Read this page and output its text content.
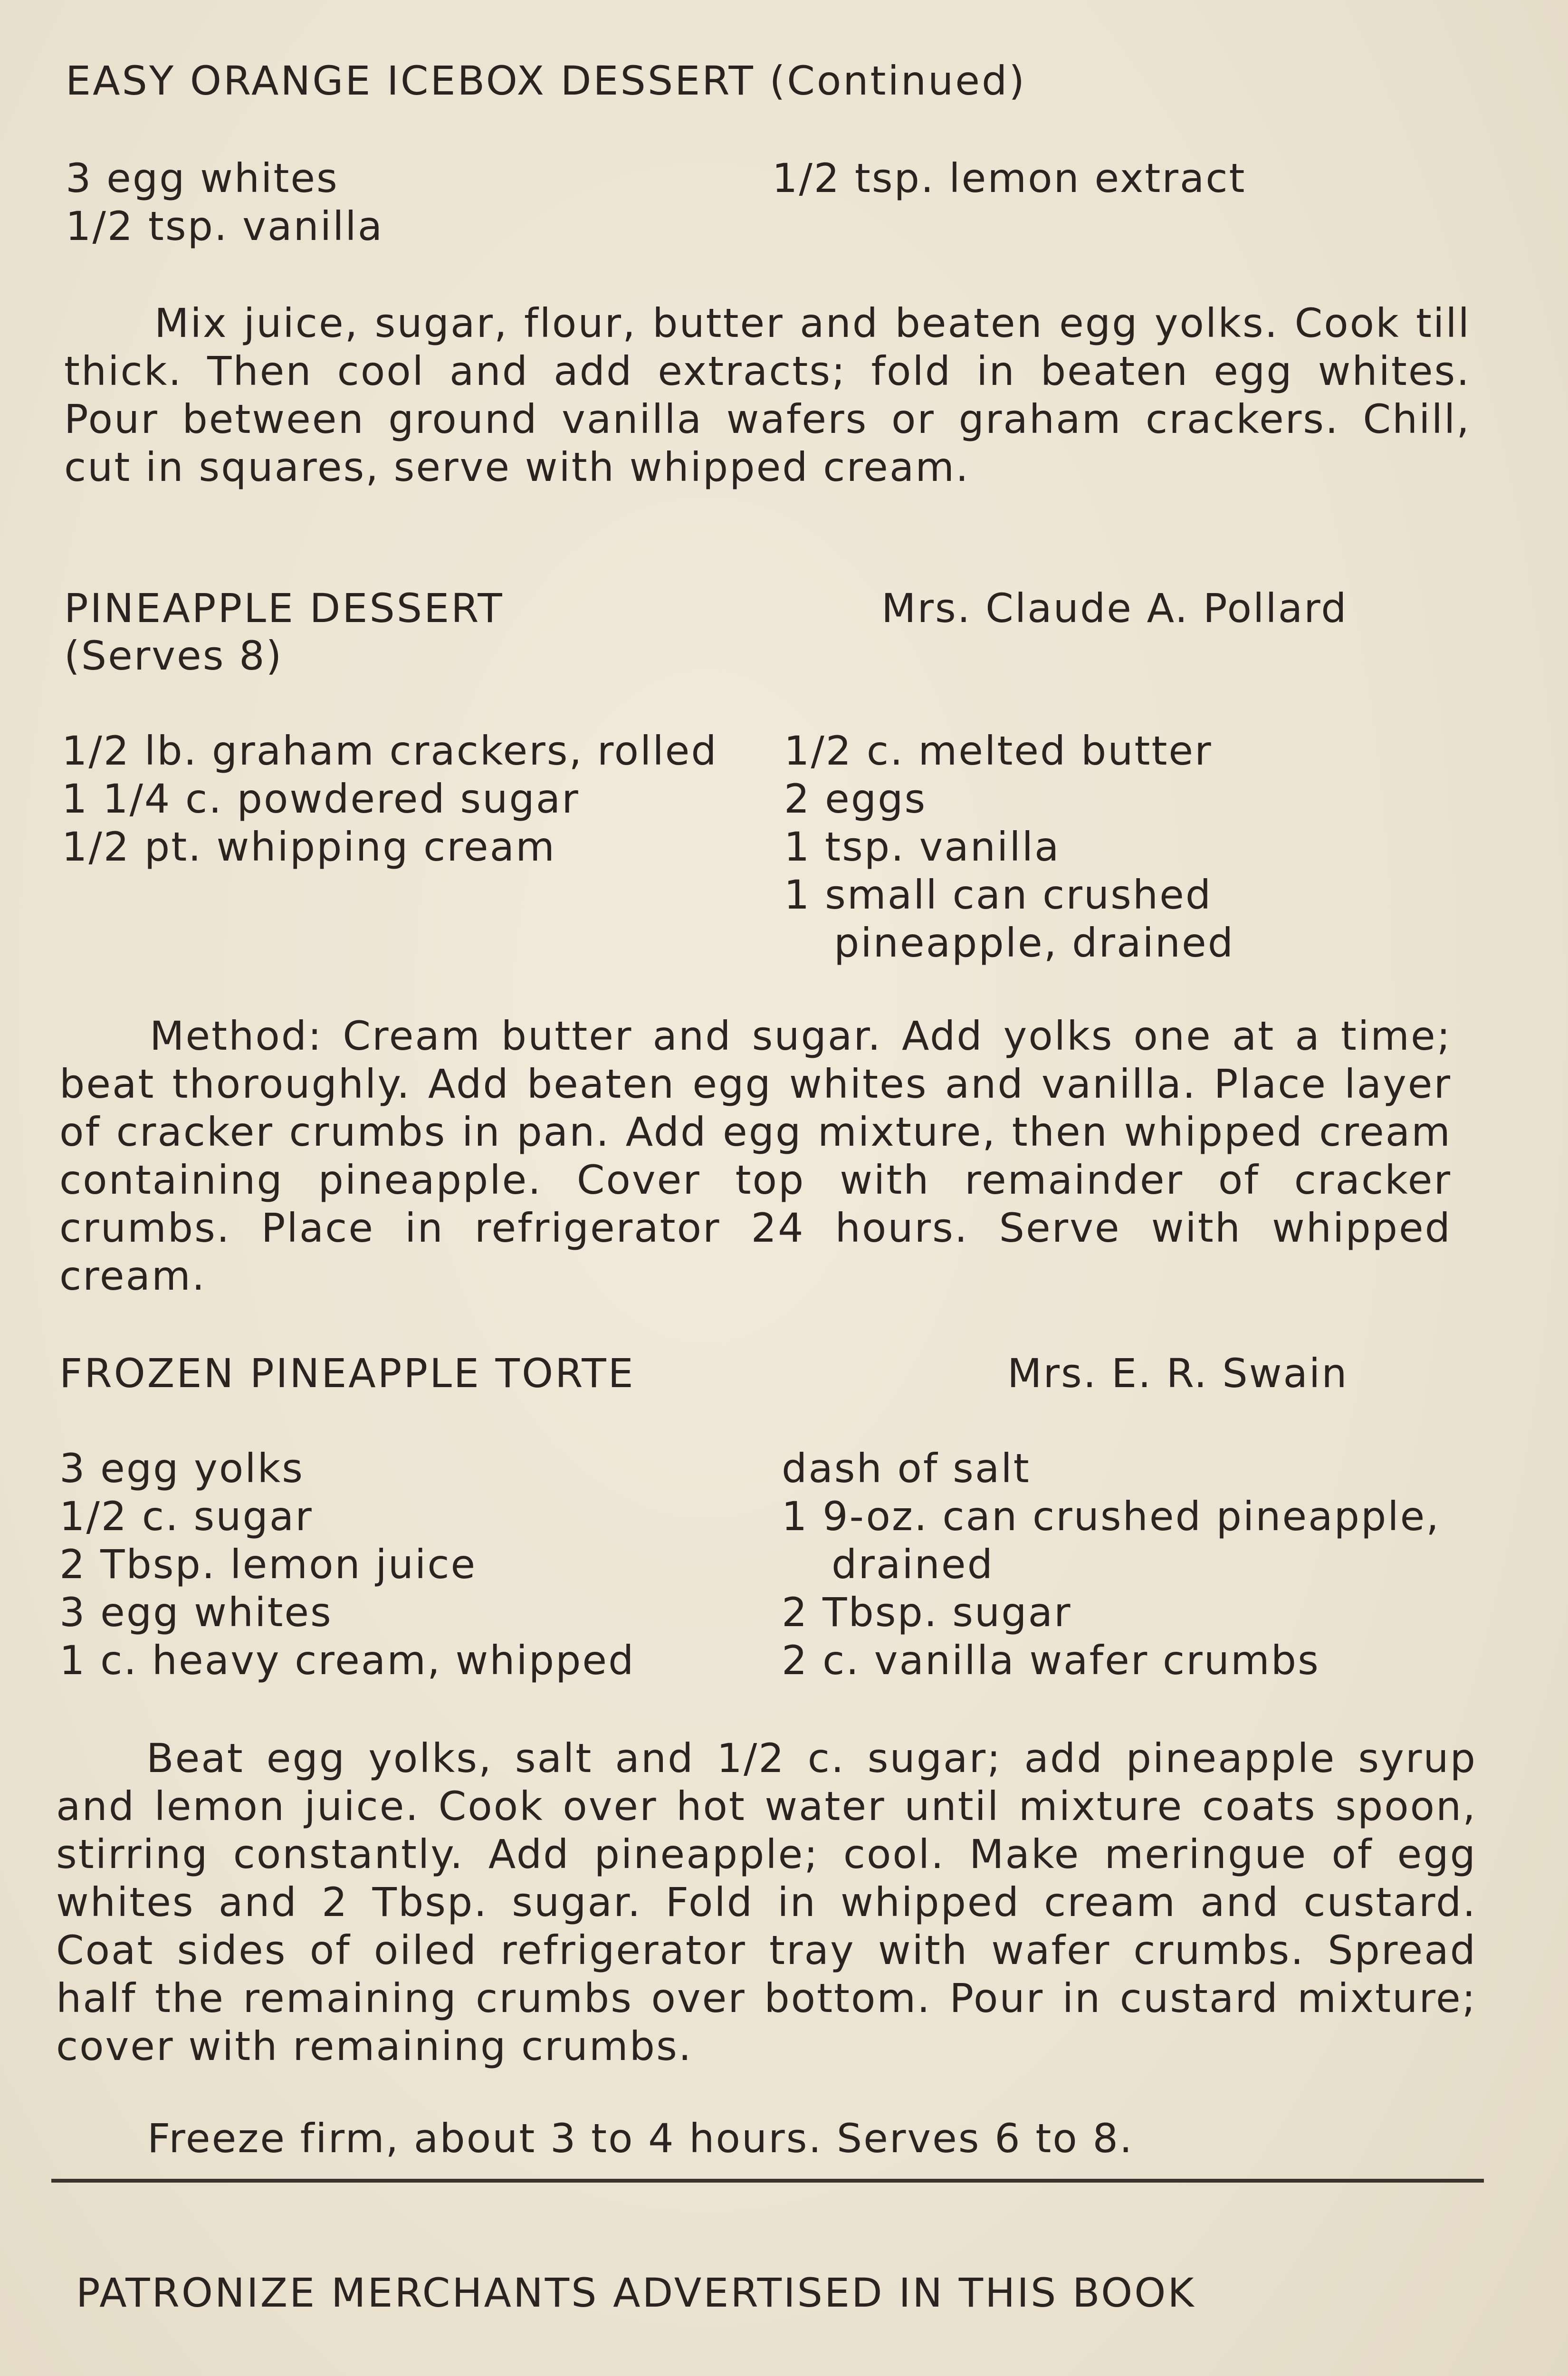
EASY ORANGE ICEBOX DESSERT (Continued)
3 egg whites
1/2 tsp. vanilla
1/2 tsp. lemon extract
Mix juice, sugar, flour, butter and beaten egg yolks. Cook till thick. Then cool and add extracts; fold in beaten egg whites. Pour between ground vanilla wafers or graham crackers. Chill, cut in squares, serve with whipped cream.
PINEAPPLE DESSERT	Mrs. Claude A. Pollard
(Serves 8)
1/2 lb. graham crackers, rolled
1 1/4 c. powdered sugar
1/2 pt. whipping cream
1/2 c. melted butter
2 eggs
1 tsp. vanilla
1 small can crushed pineapple, drained
Method: Cream butter and sugar. Add yolks one at a time; beat thoroughly. Add beaten egg whites and vanilla. Place layer of cracker crumbs in pan. Add egg mixture, then whipped cream containing pineapple. Cover top with remainder of cracker crumbs. Place in refrigerator 24 hours. Serve with whipped cream.
FROZEN PINEAPPLE TORTE	Mrs. E. R. Swain
3 egg yolks
1/2 c. sugar
2 Tbsp. lemon juice
3 egg whites
1 c. heavy cream, whipped
dash of salt
1 9-oz. can crushed pineapple, drained
2 Tbsp. sugar
2 c. vanilla wafer crumbs
Beat egg yolks, salt and 1/2 c. sugar; add pineapple syrup and lemon juice. Cook over hot water until mixture coats spoon, stirring constantly. Add pineapple; cool. Make meringue of egg whites and 2 Tbsp. sugar. Fold in whipped cream and custard. Coat sides of oiled refrigerator tray with wafer crumbs. Spread half the remaining crumbs over bottom. Pour in custard mixture; cover with remaining crumbs.
Freeze firm, about 3 to 4 hours. Serves 6 to 8.
PATRONIZE MERCHANTS ADVERTISED IN THIS BOOK
